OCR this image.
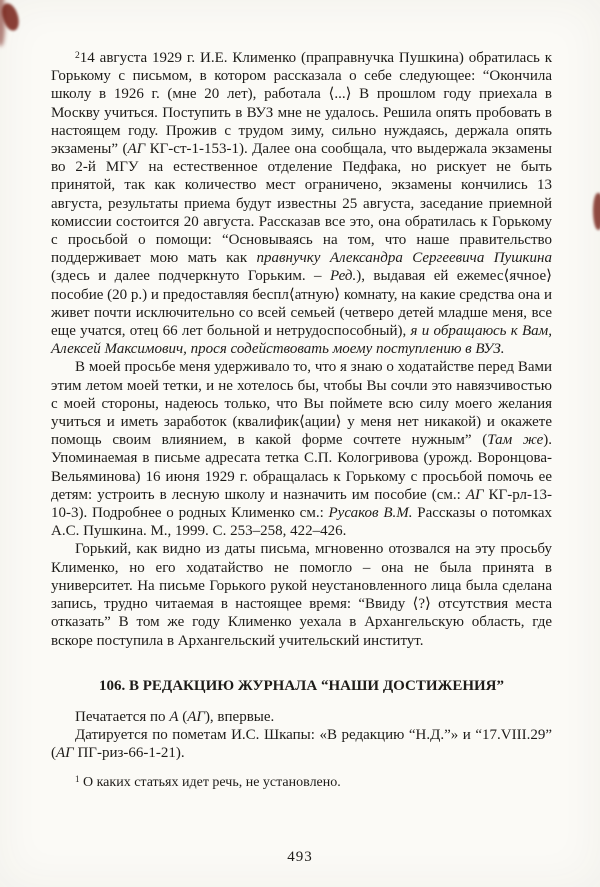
$^2$14 августа 1929 г. И.Е. Клименко (праправнучка Пушкина) обратилась к Горькому с письмом, в котором рассказала о себе следующее: “Окончила школу в 1926 г. (мне 20 лет), работала ⟨...⟩ В прошлом году приехала в Москву учиться. Поступить в ВУЗ мне не удалось. Решила опять пробовать в настоящем году. Прожив с трудом зиму, сильно нуждаясь, держала опять экзамены” (АГ КГ-ст-1-153-1). Далее она сообщала, что выдержала экзамены во 2-й МГУ на естественное отделение Педфака, но рискует не быть принятой, так как количество мест ограничено, экзамены кончились 13 августа, результаты приема будут известны 25 августа, заседание приемной комиссии состоится 20 августа. Рассказав все это, она обратилась к Горькому с просьбой о помощи: “Основываясь на том, что наше правительство поддерживает мою мать как правнучку Александра Сергеевича Пушкина (здесь и далее подчеркнуто Горьким. – Ред.), выдавая ей ежемес⟨ячное⟩ пособие (20 р.) и предоставляя беспл⟨атную⟩ комнату, на какие средства она и живет почти исключительно со всей семьей (четверо детей младше меня, все еще учатся, отец 66 лет больной и нетрудоспособный), я и обращаюсь к Вам, Алексей Максимович, прося содействовать моему поступлению в ВУЗ.

В моей просьбе меня удерживало то, что я знаю о ходатайстве перед Вами этим летом моей тетки, и не хотелось бы, чтобы Вы сочли это навязчивостью с моей стороны, надеюсь только, что Вы поймете всю силу моего желания учиться и иметь заработок (квалифик⟨ации⟩ у меня нет никакой) и окажете помощь своим влиянием, в какой форме сочтете нужным” (Там же). Упоминаемая в письме адресата тетка С.П. Кологривова (урожд. Воронцова-Вельяминова) 16 июня 1929 г. обращалась к Горькому с просьбой помочь ее детям: устроить в лесную школу и назначить им пособие (см.: АГ КГ-рл-13-10-3). Подробнее о родных Клименко см.: Русаков В.М. Рассказы о потомках А.С. Пушкина. М., 1999. С. 253–258, 422–426.

Горький, как видно из даты письма, мгновенно отозвался на эту просьбу Клименко, но его ходатайство не помогло – она не была принята в университет. На письме Горького рукой неустановленного лица была сделана запись, трудно читаемая в настоящее время: “Ввиду ⟨?⟩ отсутствия места отказать” В том же году Клименко уехала в Архангельскую область, где вскоре поступила в Архангельский учительский институт.

106. В РЕДАКЦИЮ ЖУРНАЛА “НАШИ ДОСТИЖЕНИЯ”

Печатается по А (АГ), впервые.

Датируется по пометам И.С. Шкапы: «В редакцию “Н.Д.”» и “17.VIII.29” (АГ ПГ-риз-66-1-21).

$^1$ О каких статьях идет речь, не установлено.

493
